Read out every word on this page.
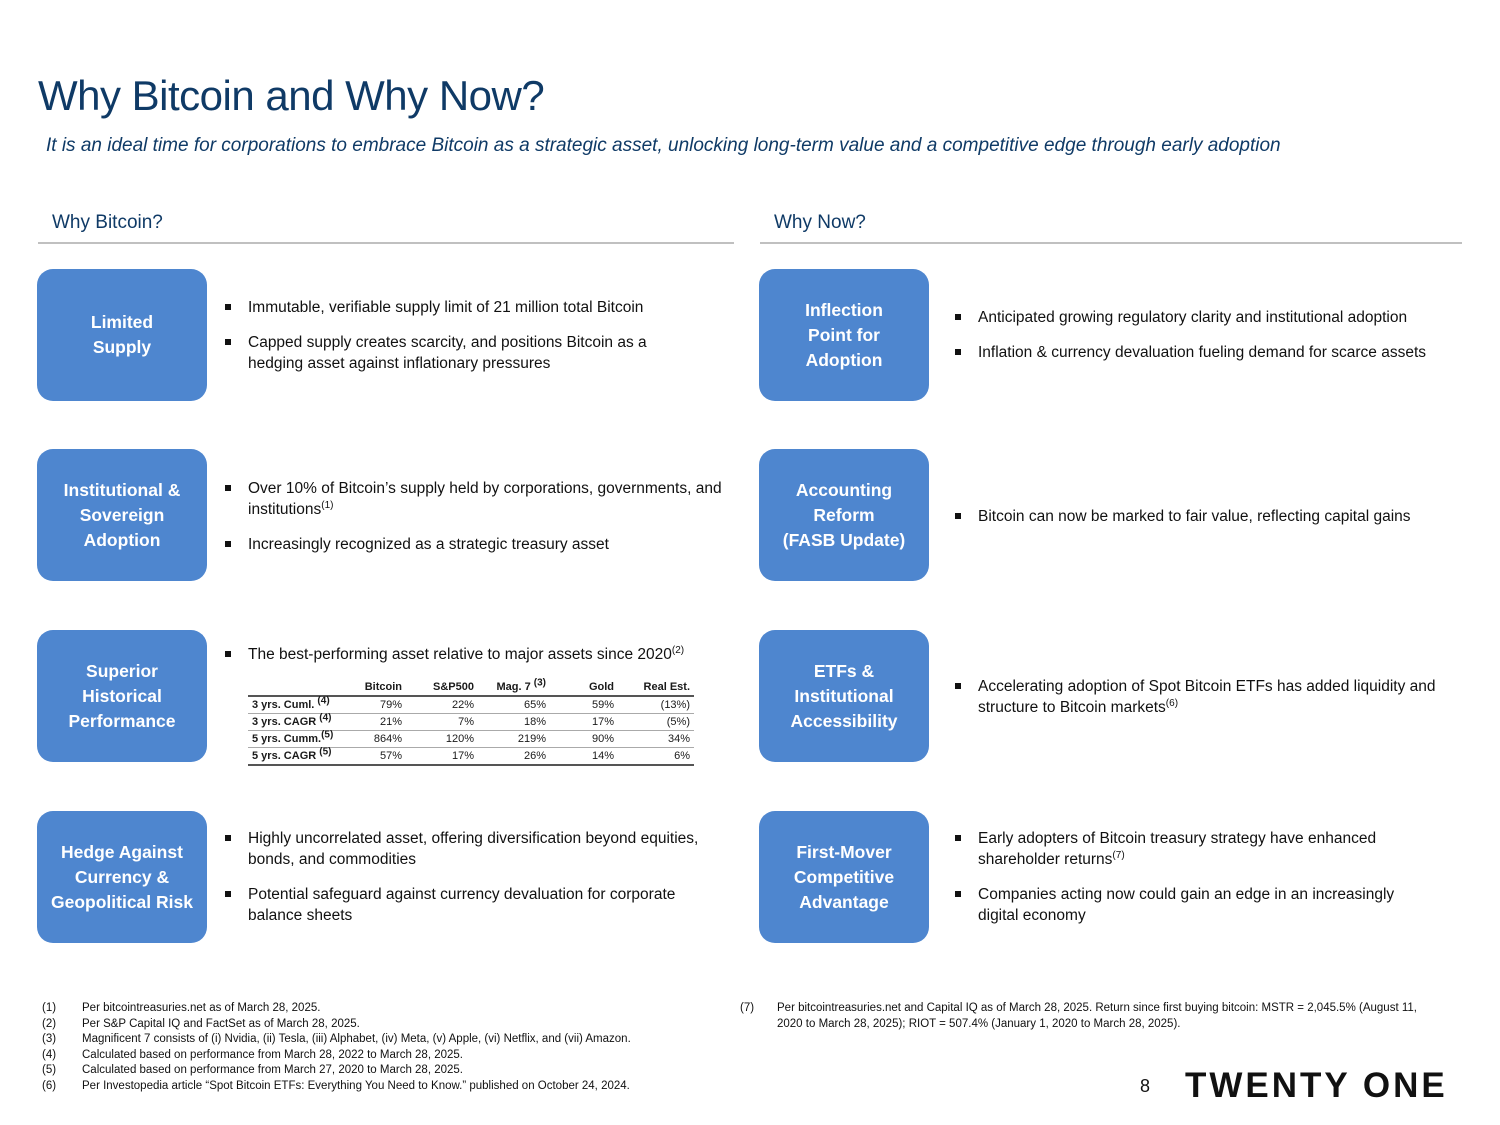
Why Bitcoin and Why Now?
It is an ideal time for corporations to embrace Bitcoin as a strategic asset, unlocking long-term value and a competitive edge through early adoption
Why Bitcoin?	Why Now?
Limited
Supply
Immutable, verifiable supply limit of 21 million total Bitcoin
Capped supply creates scarcity, and positions Bitcoin as a hedging asset against inflationary pressures
Institutional &
Sovereign
Adoption
Over 10% of Bitcoin’s supply held by corporations, governments, and institutions$^{(1)}$
Increasingly recognized as a strategic treasury asset
Superior
Historical
Performance
The best-performing asset relative to major assets since 2020$^{(2)}$
	Bitcoin	S&P500	Mag. 7 $^{(3)}$	Gold	Real Est.
3 yrs. Cuml. $^{(4)}$	79%	22%	65%	59%	(13%)
3 yrs. CAGR $^{(4)}$	21%	7%	18%	17%	(5%)
5 yrs. Cumm.$^{(5)}$	864%	120%	219%	90%	34%
5 yrs. CAGR $^{(5)}$	57%	17%	26%	14%	6%
Hedge Against
Currency &
Geopolitical Risk
Highly uncorrelated asset, offering diversification beyond equities, bonds, and commodities
Potential safeguard against currency devaluation for corporate balance sheets
Inflection
Point for
Adoption
Anticipated growing regulatory clarity and institutional adoption
Inflation & currency devaluation fueling demand for scarce assets
Accounting
Reform
(FASB Update)
Bitcoin can now be marked to fair value, reflecting capital gains
ETFs &
Institutional
Accessibility
Accelerating adoption of Spot Bitcoin ETFs has added liquidity and structure to Bitcoin markets$^{(6)}$
First-Mover
Competitive
Advantage
Early adopters of Bitcoin treasury strategy have enhanced shareholder returns$^{(7)}$
Companies acting now could gain an edge in an increasingly digital economy
(1)	Per bitcointreasuries.net as of March 28, 2025.
(2)	Per S&P Capital IQ and FactSet as of March 28, 2025.
(3)	Magnificent 7 consists of (i) Nvidia, (ii) Tesla, (iii) Alphabet, (iv) Meta, (v) Apple, (vi) Netflix, and (vii) Amazon.
(4)	Calculated based on performance from March 28, 2022 to March 28, 2025.
(5)	Calculated based on performance from March 27, 2020 to March 28, 2025.
(6)	Per Investopedia article “Spot Bitcoin ETFs: Everything You Need to Know.” published on October 24, 2024.
(7)	Per bitcointreasuries.net and Capital IQ as of March 28, 2025. Return since first buying bitcoin: MSTR = 2,045.5% (August 11, 2020 to March 28, 2025); RIOT = 507.4% (January 1, 2020 to March 28, 2025).
8 TWENTY ONE
